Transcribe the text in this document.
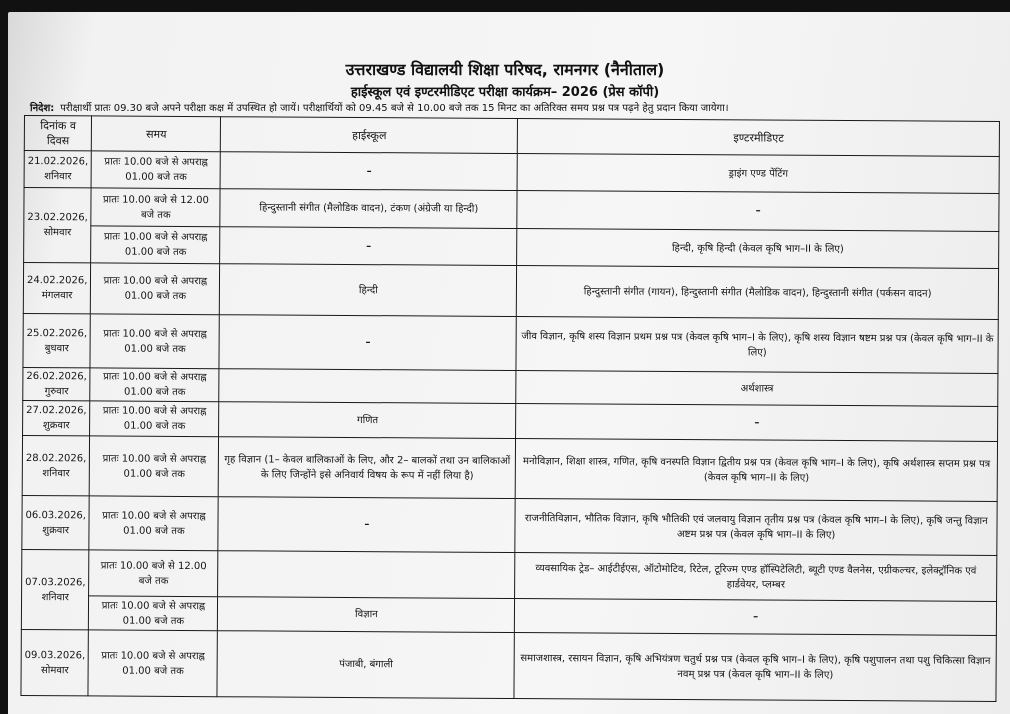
उत्तराखण्ड विद्यालयी शिक्षा परिषद, रामनगर (नैनीताल)
हाईस्कूल एवं इण्टरमीडिएट परीक्षा कार्यक्रम– 2026 (प्रेस कॉपी)
निदेश: परीक्षार्थी प्रातः 09.30 बजे अपने परीक्षा कक्ष में उपस्थित हो जायें। परीक्षार्थियों को 09.45 बजे से 10.00 बजे तक 15 मिनट का अतिरिक्त समय प्रश्न पत्र पढ़ने हेतु प्रदान किया जायेगा।
दिनांक व दिवस	समय	हाईस्कूल	इण्टरमीडिएट

21.02.2026,
शनिवार	प्रातः 10.00 बजे से अपराह्न 01.00 बजे तक	–	ड्राइंग एण्ड पेंटिंग

23.02.2026,
सोमवार	प्रातः 10.00 बजे से 12.00 बजे तक	हिन्दुस्तानी संगीत (मैलोडिक वादन), टंकण (अंग्रेजी या हिन्दी)	–
	प्रातः 10.00 बजे से अपराह्न 01.00 बजे तक	–	हिन्दी, कृषि हिन्दी (केवल कृषि भाग–II के लिए)

24.02.2026,
मंगलवार	प्रातः 10.00 बजे से अपराह्न 01.00 बजे तक	हिन्दी	हिन्दुस्तानी संगीत (गायन), हिन्दुस्तानी संगीत (मैलोडिक वादन), हिन्दुस्तानी संगीत (पर्कसन वादन)

25.02.2026,
बुधवार	प्रातः 10.00 बजे से अपराह्न 01.00 बजे तक	–	जीव विज्ञान, कृषि शस्य विज्ञान प्रथम प्रश्न पत्र (केवल कृषि भाग–I के लिए), कृषि शस्य विज्ञान षष्टम प्रश्न पत्र (केवल कृषि भाग–II के लिए)

26.02.2026,
गुरुवार	प्रातः 10.00 बजे से अपराह्न 01.00 बजे तक		अर्थशास्त्र

27.02.2026,
शुक्रवार	प्रातः 10.00 बजे से अपराह्न 01.00 बजे तक	गणित	–

28.02.2026,
शनिवार	प्रातः 10.00 बजे से अपराह्न 01.00 बजे तक	गृह विज्ञान (1– केवल बालिकाओं के लिए, और 2– बालकों तथा उन बालिकाओं के लिए जिन्होंने इसे अनिवार्य विषय के रूप में नहीं लिया है)	मनोविज्ञान, शिक्षा शास्त्र, गणित, कृषि वनस्पति विज्ञान द्वितीय प्रश्न पत्र (केवल कृषि भाग–I के लिए), कृषि अर्थशास्त्र सप्तम प्रश्न पत्र (केवल कृषि भाग–II के लिए)

06.03.2026,
शुक्रवार	प्रातः 10.00 बजे से अपराह्न 01.00 बजे तक	–	राजनीतिविज्ञान, भौतिक विज्ञान, कृषि भौतिकी एवं जलवायु विज्ञान तृतीय प्रश्न पत्र (केवल कृषि भाग–I के लिए), कृषि जन्तु विज्ञान अष्टम प्रश्न पत्र (केवल कृषि भाग–II के लिए)

07.03.2026,
शनिवार	प्रातः 10.00 बजे से 12.00 बजे तक		व्यवसायिक ट्रेड– आईटीईएस, ऑटोमोटिव, रिटेल, टूरिज्म एण्ड हॉस्पिटेलिटी, ब्यूटी एण्ड वैलनेस, एग्रीकल्चर, इलेक्ट्रॉनिक एवं हार्डवेयर, प्लम्बर
	प्रातः 10.00 बजे से अपराह्न 01.00 बजे तक	विज्ञान	–

09.03.2026,
सोमवार	प्रातः 10.00 बजे से अपराह्न 01.00 बजे तक	पंजाबी, बंगाली	समाजशास्त्र, रसायन विज्ञान, कृषि अभियंत्रण चतुर्थ प्रश्न पत्र (केवल कृषि भाग–I के लिए), कृषि पशुपालन तथा पशु चिकित्सा विज्ञान नवम् प्रश्न पत्र (केवल कृषि भाग–II के लिए)
